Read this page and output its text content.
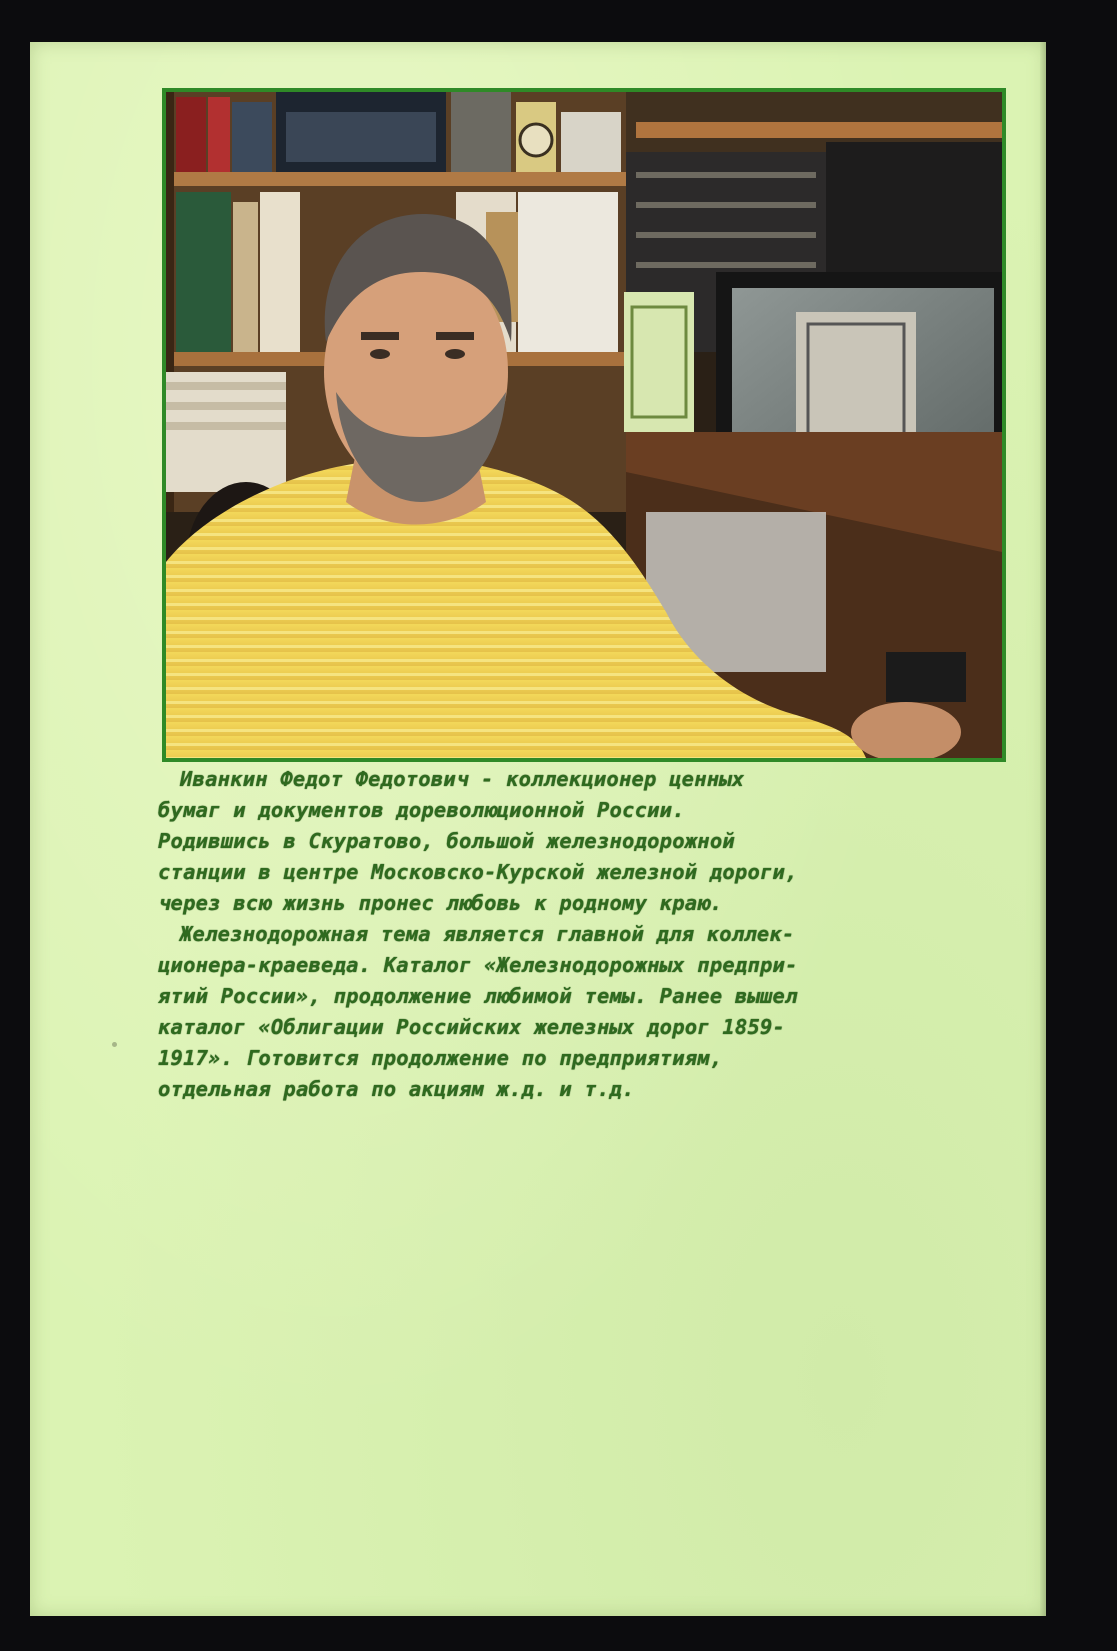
Иванкин Федот Федотович - коллекционер ценных
бумаг и документов дореволюционной России.
Родившись в Скуратово, большой железнодорожной
станции в центре Московско-Курской железной дороги,
через всю жизнь пронес любовь к родному краю.
Железнодорожная тема является главной для коллек-
ционера-краеведа. Каталог «Железнодорожных предпри-
ятий России», продолжение любимой темы. Ранее вышел
каталог «Облигации Российских железных дорог 1859-
1917». Готовится продолжение по предприятиям,
отдельная работа по акциям ж.д. и т.д.
